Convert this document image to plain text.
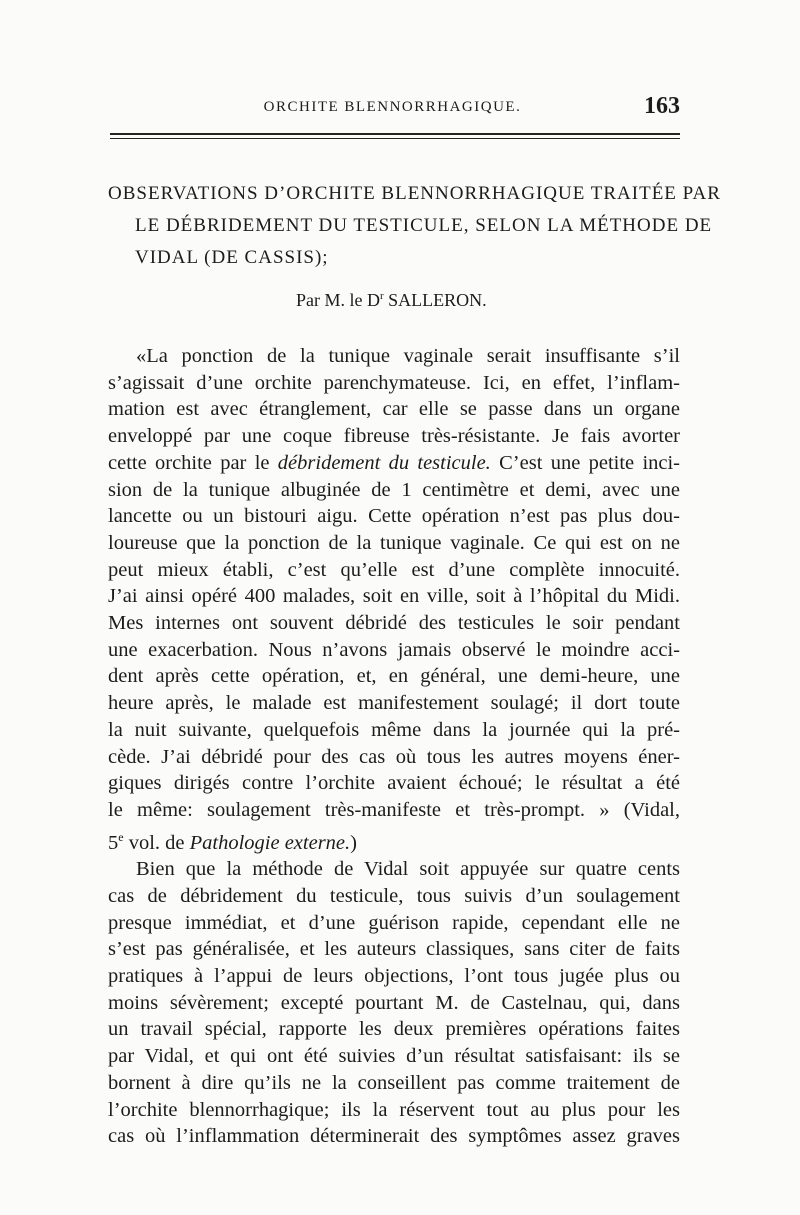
ORCHITE BLENNORRHAGIQUE.	163
OBSERVATIONS D’ORCHITE BLENNORRHAGIQUE TRAITÉE PAR
LE DÉBRIDEMENT DU TESTICULE, SELON LA MÉTHODE DE
VIDAL (DE CASSIS);
Par M. le $D^r$ SALLERON.
«La ponction de la tunique vaginale serait insuffisante s’il
s’agissait d’une orchite parenchymateuse. Ici, en effet, l’inflam-
mation est avec étranglement, car elle se passe dans un organe
enveloppé par une coque fibreuse très-résistante. Je fais avorter
cette orchite par le débridement du testicule. C’est une petite inci-
sion de la tunique albuginée de 1 centimètre et demi, avec une
lancette ou un bistouri aigu. Cette opération n’est pas plus dou-
loureuse que la ponction de la tunique vaginale. Ce qui est on ne
peut mieux établi, c’est qu’elle est d’une complète innocuité.
J’ai ainsi opéré 400 malades, soit en ville, soit à l’hôpital du Midi.
Mes internes ont souvent débridé des testicules le soir pendant
une exacerbation. Nous n’avons jamais observé le moindre acci-
dent après cette opération, et, en général, une demi-heure, une
heure après, le malade est manifestement soulagé; il dort toute
la nuit suivante, quelquefois même dans la journée qui la pré-
cède. J’ai débridé pour des cas où tous les autres moyens éner-
giques dirigés contre l’orchite avaient échoué; le résultat a été
le même: soulagement très-manifeste et très-prompt. » (Vidal,
5e vol. de Pathologie externe.)
Bien que la méthode de Vidal soit appuyée sur quatre cents
cas de débridement du testicule, tous suivis d’un soulagement
presque immédiat, et d’une guérison rapide, cependant elle ne
s’est pas généralisée, et les auteurs classiques, sans citer de faits
pratiques à l’appui de leurs objections, l’ont tous jugée plus ou
moins sévèrement; excepté pourtant M. de Castelnau, qui, dans
un travail spécial, rapporte les deux premières opérations faites
par Vidal, et qui ont été suivies d’un résultat satisfaisant: ils se
bornent à dire qu’ils ne la conseillent pas comme traitement de
l’orchite blennorrhagique; ils la réservent tout au plus pour les
cas où l’inflammation déterminerait des symptômes assez graves
